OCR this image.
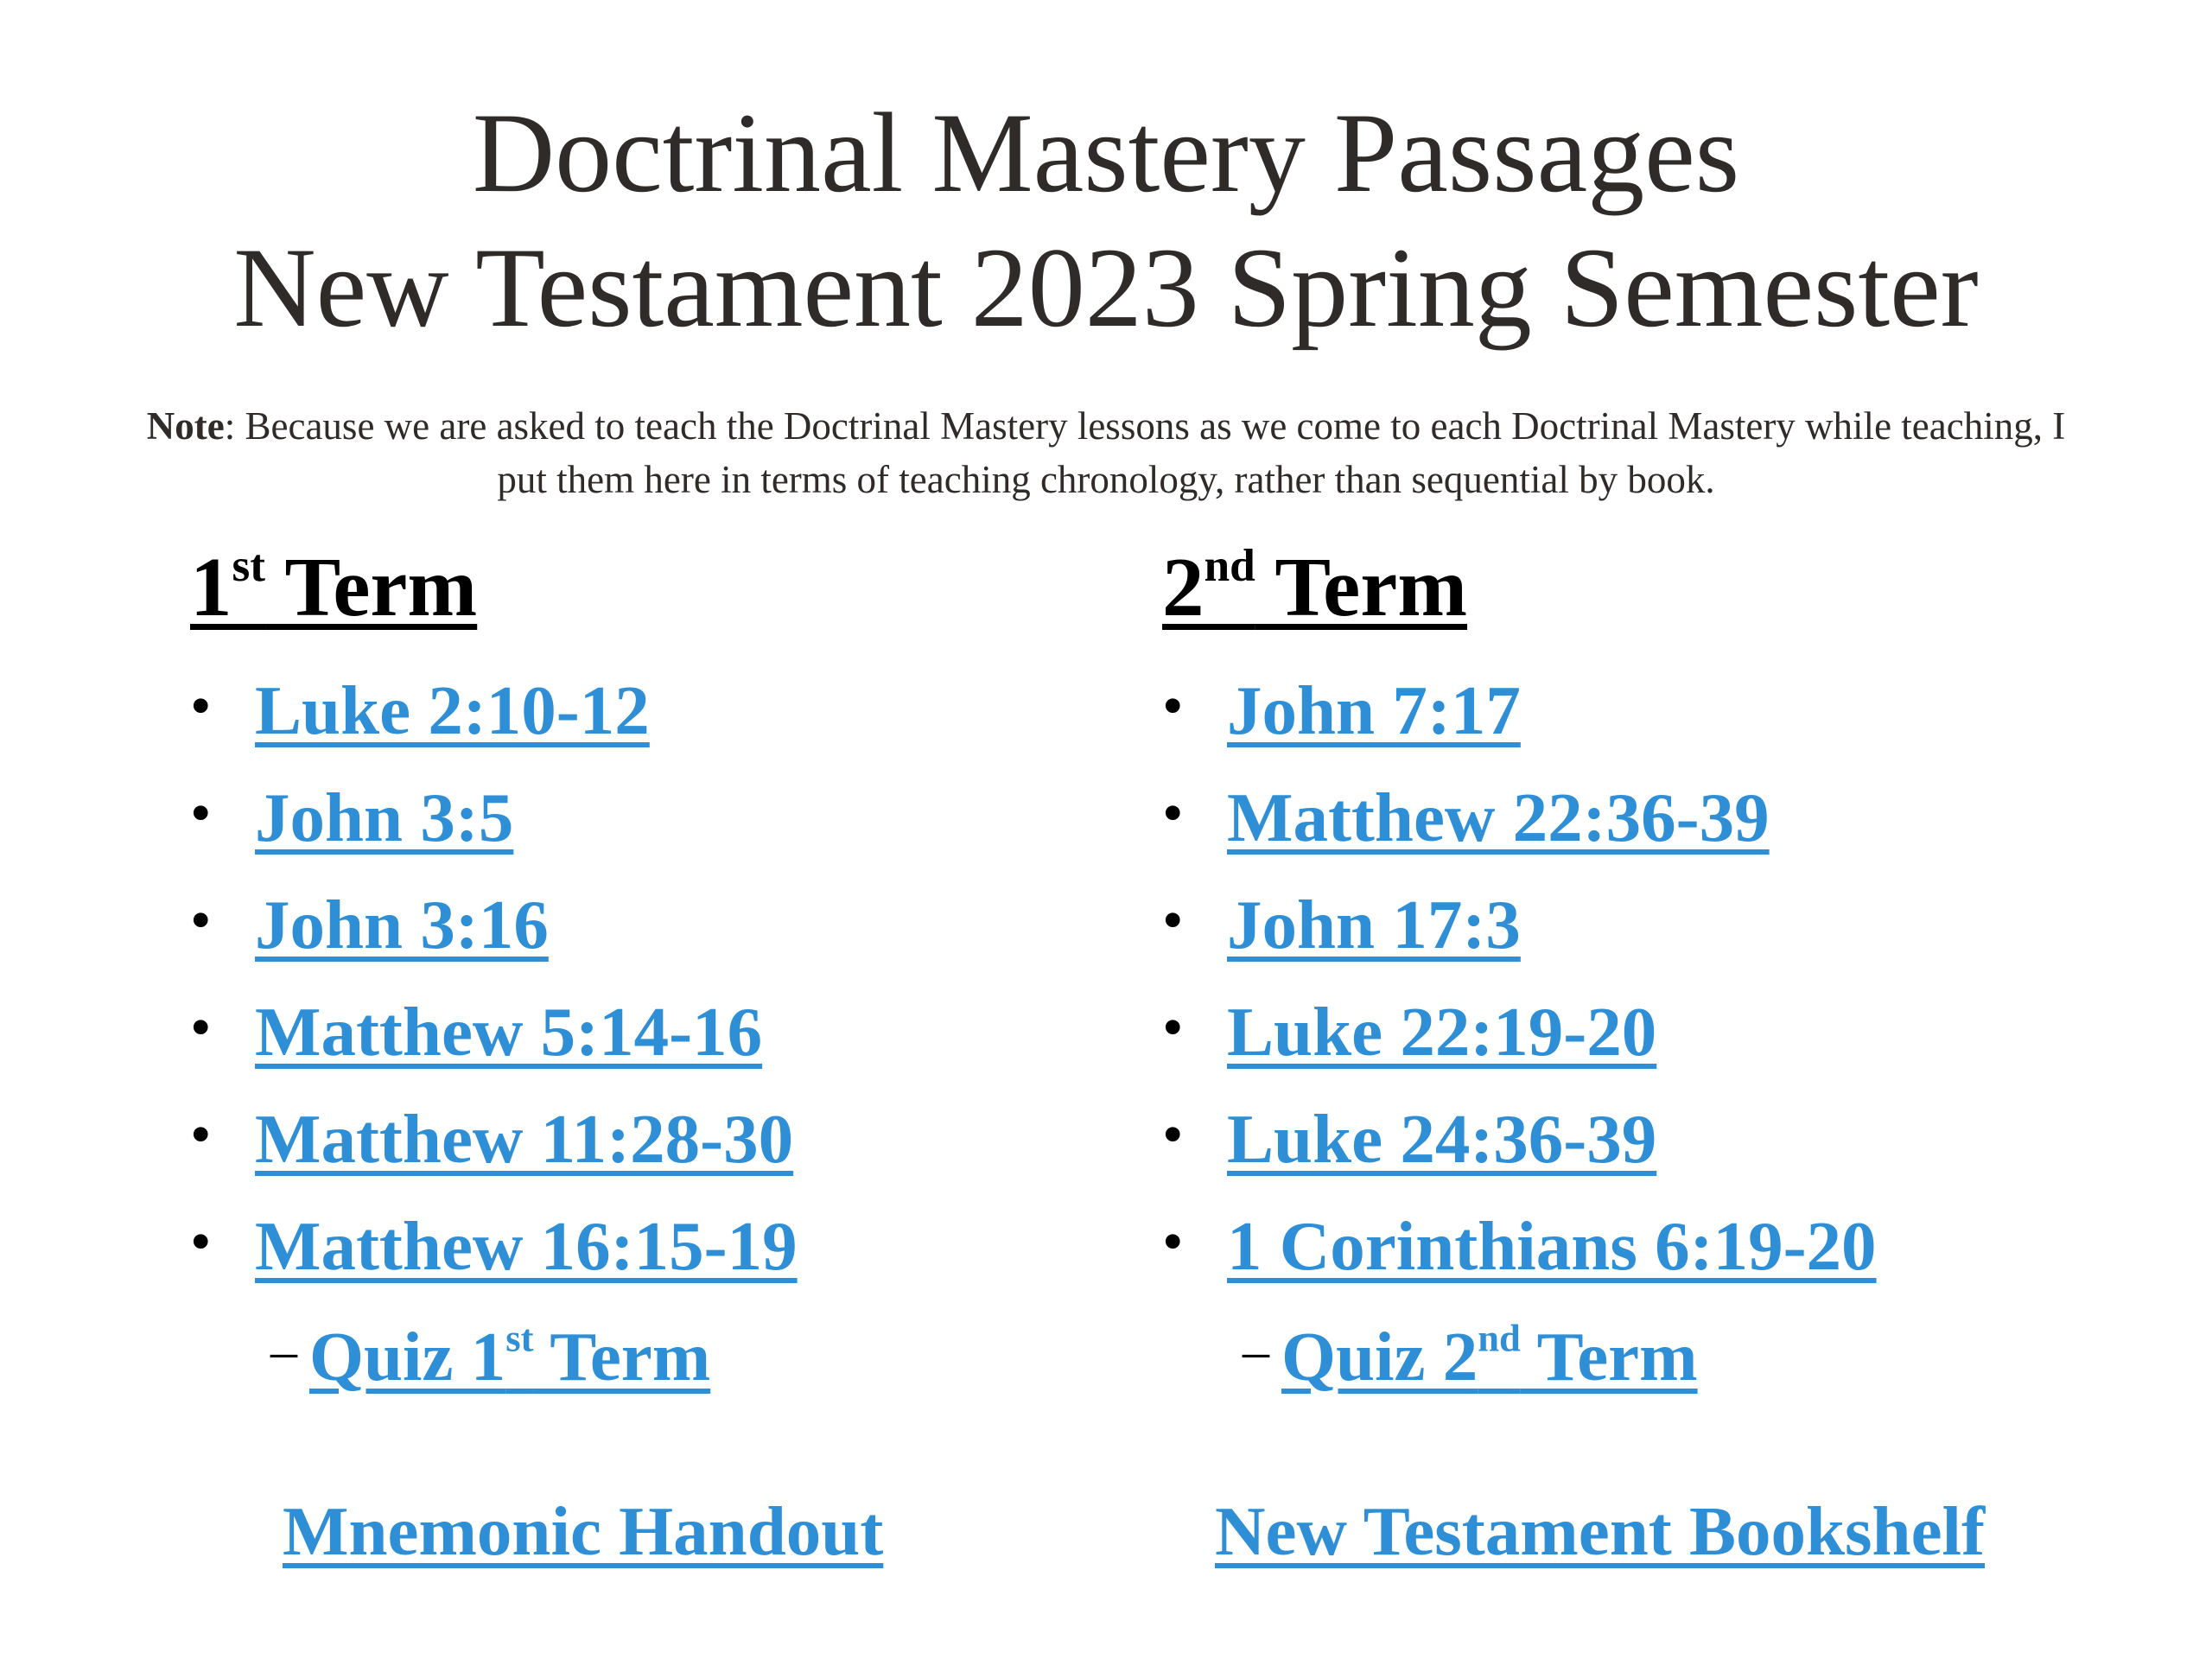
Doctrinal Mastery Passages
New Testament 2023 Spring Semester
Note: Because we are asked to teach the Doctrinal Mastery lessons as we come to each Doctrinal Mastery while teaching, I put them here in terms of teaching chronology, rather than sequential by book.
1st Term	2nd Term
• Luke 2:10-12
• John 3:5
• John 3:16
• Matthew 5:14-16
• Matthew 11:28-30
• Matthew 16:15-19
• John 7:17
• Matthew 22:36-39
• John 17:3
• Luke 22:19-20
• Luke 24:36-39
• 1 Corinthians 6:19-20
– Quiz 1st Term	– Quiz 2nd Term
Mnemonic Handout	New Testament Bookshelf
